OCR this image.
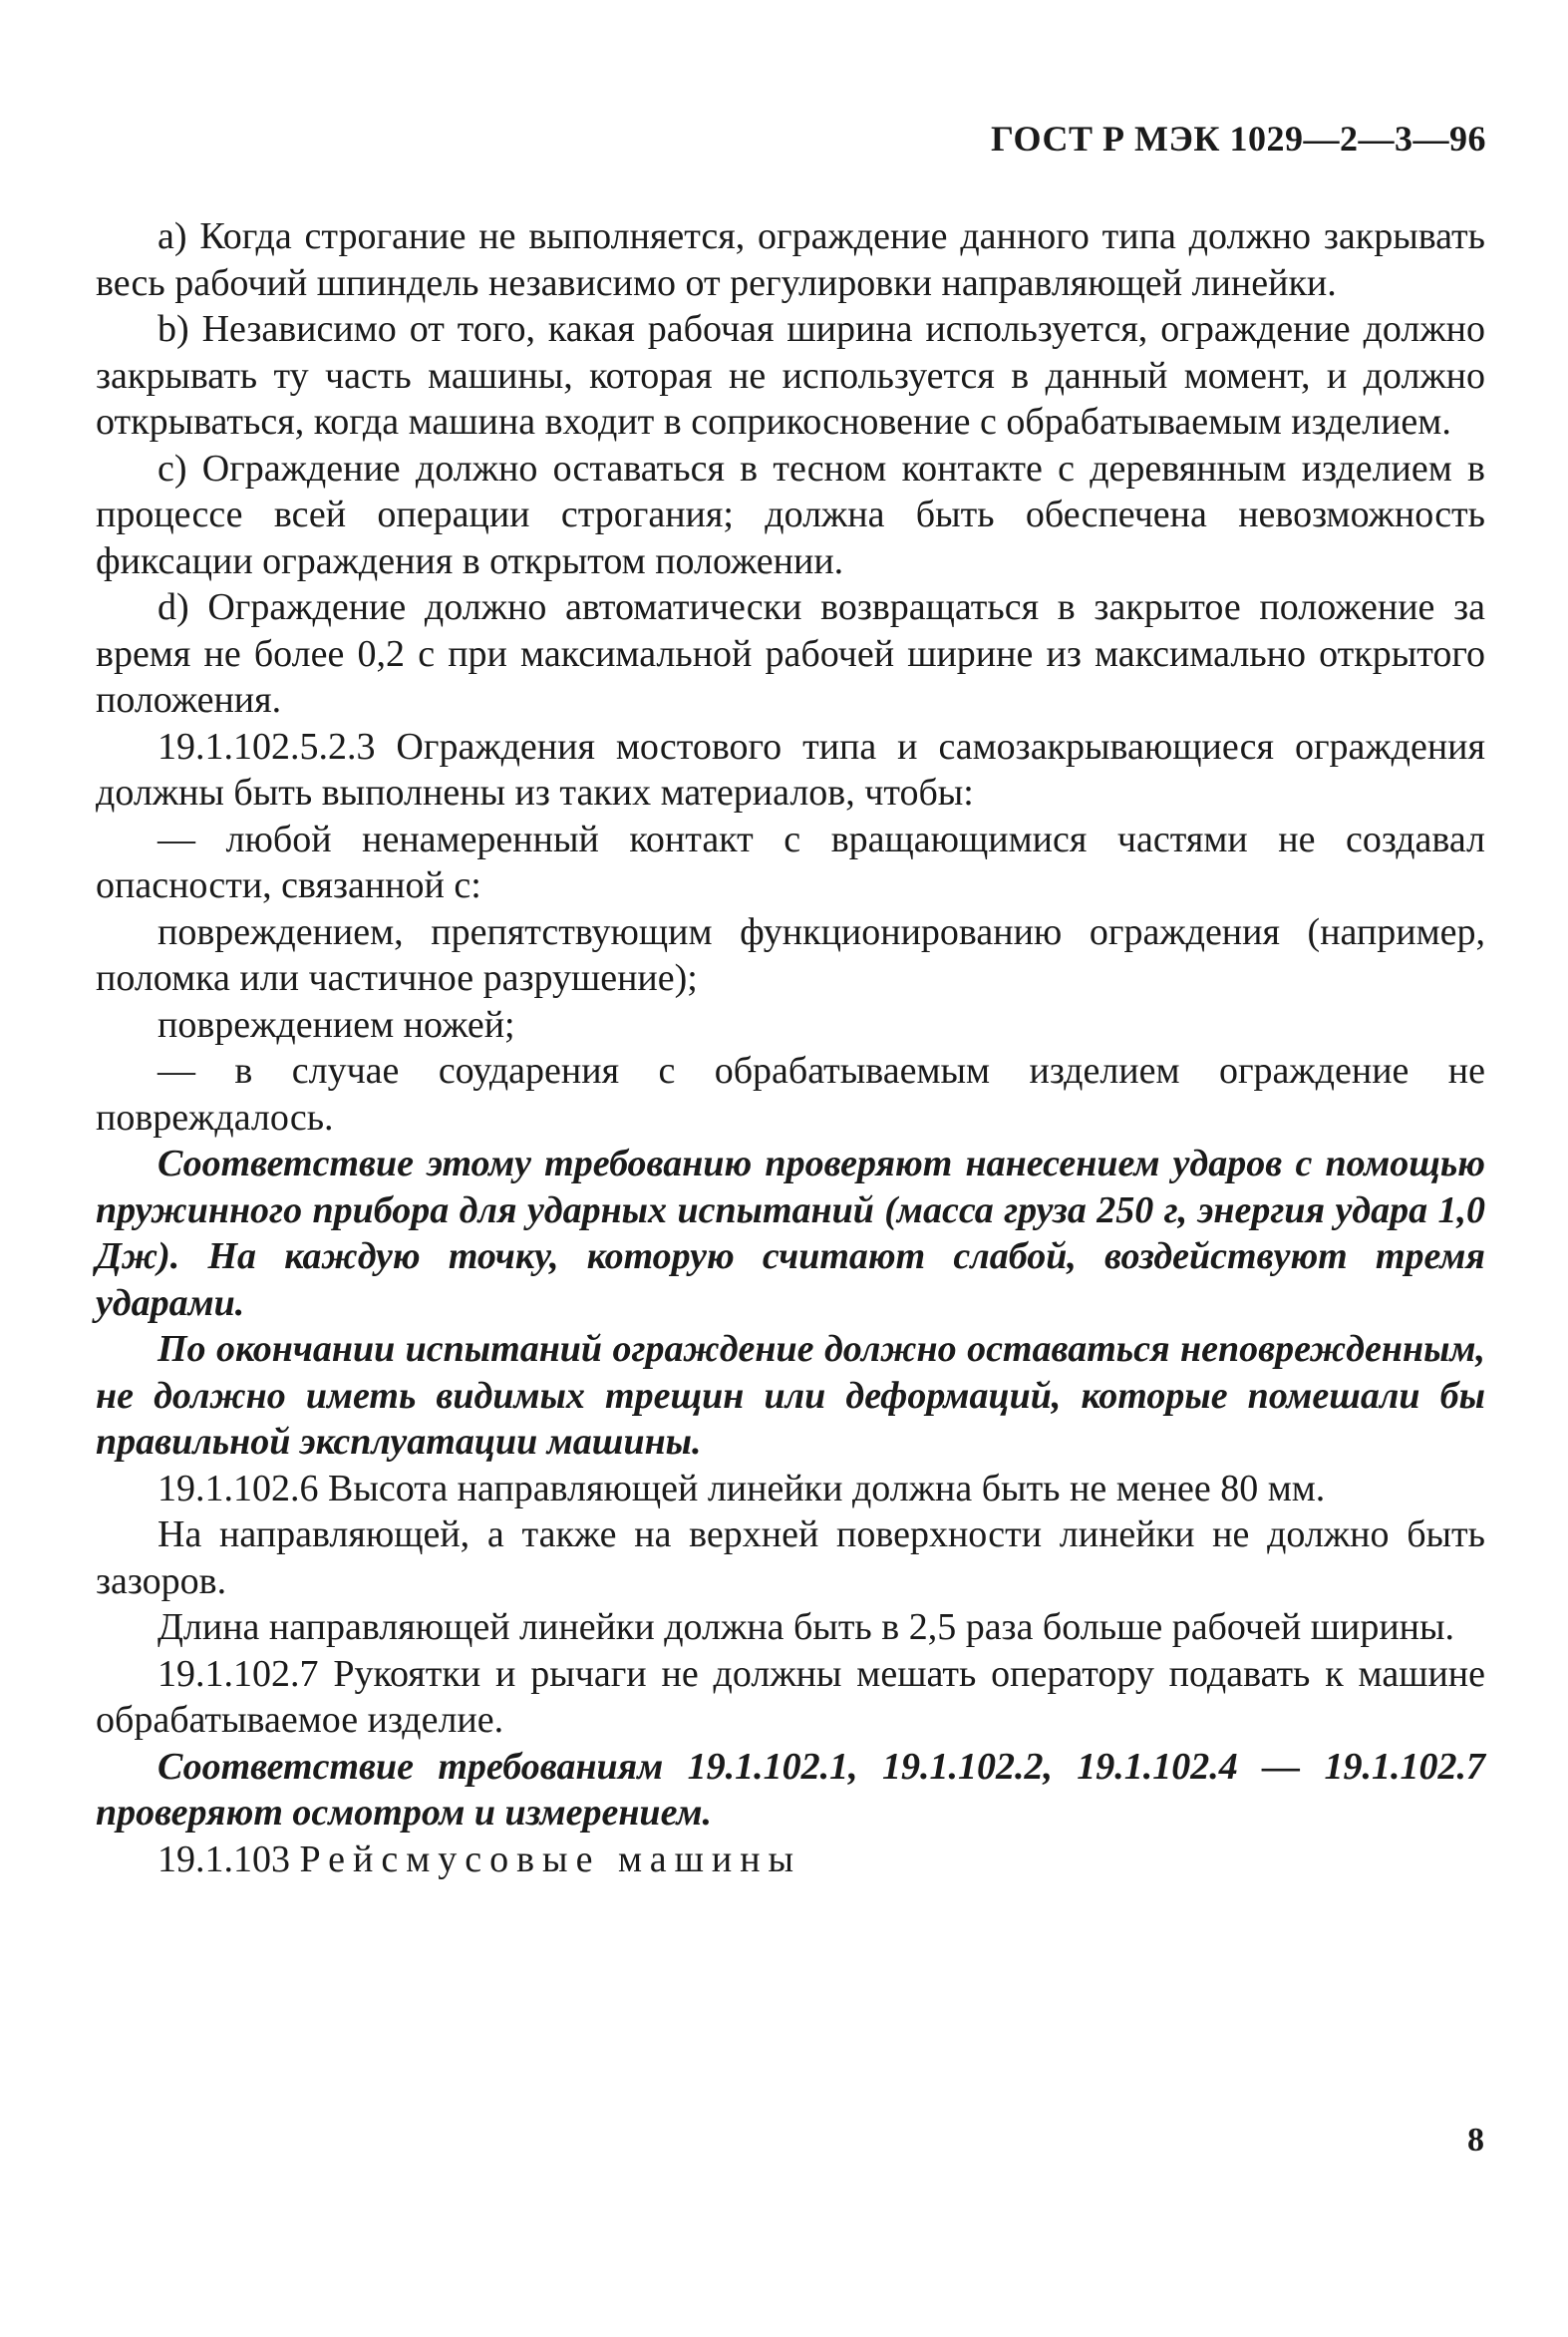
ГОСТ Р МЭК 1029—2—3—96

а) Когда строгание не выполняется, ограждение данного типа должно закрывать весь рабочий шпиндель независимо от регулировки направляющей линейки.

b) Независимо от того, какая рабочая ширина используется, ограждение должно закрывать ту часть машины, которая не используется в данный момент, и должно открываться, когда машина входит в соприкосновение с обрабатываемым изделием.

с) Ограждение должно оставаться в тесном контакте с деревянным изделием в процессе всей операции строгания; должна быть обеспечена невозможность фиксации ограждения в открытом положении.

d) Ограждение должно автоматически возвращаться в закрытое положение за время не более 0,2 с при максимальной рабочей ширине из максимально открытого положения.

19.1.102.5.2.3 Ограждения мостового типа и самозакрывающиеся ограждения должны быть выполнены из таких материалов, чтобы:

— любой ненамеренный контакт с вращающимися частями не создавал опасности, связанной с:

повреждением, препятствующим функционированию ограждения (например, поломка или частичное разрушение);

повреждением ножей;

— в случае соударения с обрабатываемым изделием ограждение не повреждалось.

Соответствие этому требованию проверяют нанесением ударов с помощью пружинного прибора для ударных испытаний (масса груза 250 г, энергия удара 1,0 Дж). На каждую точку, которую считают слабой, воздействуют тремя ударами.

По окончании испытаний ограждение должно оставаться неповрежденным, не должно иметь видимых трещин или деформаций, которые помешали бы правильной эксплуатации машины.

19.1.102.6 Высота направляющей линейки должна быть не менее 80 мм.

На направляющей, а также на верхней поверхности линейки не должно быть зазоров.

Длина направляющей линейки должна быть в 2,5 раза больше рабочей ширины.

19.1.102.7 Рукоятки и рычаги не должны мешать оператору подавать к машине обрабатываемое изделие.

Соответствие требованиям 19.1.102.1, 19.1.102.2, 19.1.102.4 — 19.1.102.7 проверяют осмотром и измерением.

19.1.103 Рейсмусовые машины

8
